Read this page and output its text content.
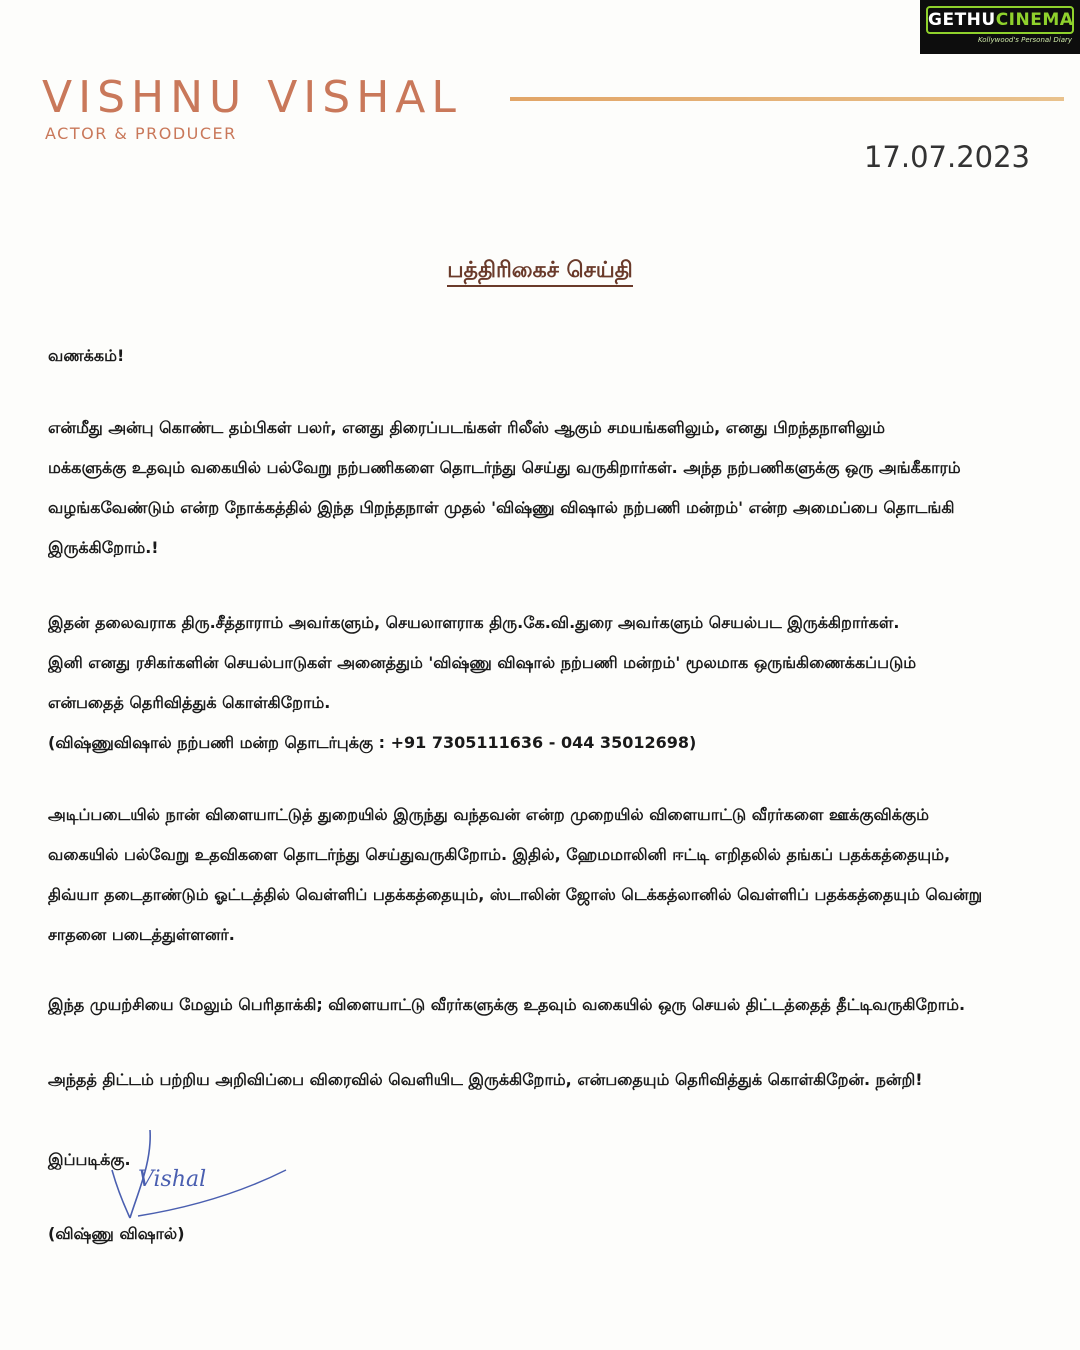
GETHUCINEMA
Kollywood's Personal Diary
VISHNU VISHAL
ACTOR & PRODUCER
17.07.2023
பத்திரிகைச் செய்தி
வணக்கம்!
என்மீது அன்பு கொண்ட தம்பிகள் பலர், எனது திரைப்படங்கள் ரிலீஸ் ஆகும் சமயங்களிலும், எனது பிறந்தநாளிலும்
மக்களுக்கு உதவும் வகையில் பல்வேறு நற்பணிகளை தொடர்ந்து செய்து வருகிறார்கள். அந்த நற்பணிகளுக்கு ஒரு அங்கீகாரம்
வழங்கவேண்டும் என்ற நோக்கத்தில் இந்த பிறந்தநாள் முதல் 'விஷ்ணு விஷால் நற்பணி மன்றம்' என்ற அமைப்பை தொடங்கி
இருக்கிறோம்.!
இதன் தலைவராக திரு.சீத்தாராம் அவர்களும், செயலாளராக திரு.கே.வி.துரை அவர்களும் செயல்பட இருக்கிறார்கள்.
இனி எனது ரசிகர்களின் செயல்பாடுகள் அனைத்தும் 'விஷ்ணு விஷால் நற்பணி மன்றம்' மூலமாக ஒருங்கிணைக்கப்படும்
என்பதைத் தெரிவித்துக் கொள்கிறோம்.
(விஷ்ணுவிஷால் நற்பணி மன்ற தொடர்புக்கு : +91 7305111636 - 044 35012698)
அடிப்படையில் நான் விளையாட்டுத் துறையில் இருந்து வந்தவன் என்ற முறையில் விளையாட்டு வீரர்களை ஊக்குவிக்கும்
வகையில் பல்வேறு உதவிகளை தொடர்ந்து செய்துவருகிறோம். இதில், ஹேமமாலினி ஈட்டி எறிதலில் தங்கப் பதக்கத்தையும்,
திவ்யா தடைதாண்டும் ஓட்டத்தில் வெள்ளிப் பதக்கத்தையும், ஸ்டாலின் ஜோஸ் டெக்கத்லானில் வெள்ளிப் பதக்கத்தையும் வென்று
சாதனை படைத்துள்ளனர்.
இந்த முயற்சியை மேலும் பெரிதாக்கி; விளையாட்டு வீரர்களுக்கு உதவும் வகையில் ஒரு செயல் திட்டத்தைத் தீட்டிவருகிறோம்.
அந்தத் திட்டம் பற்றிய அறிவிப்பை விரைவில் வெளியிட இருக்கிறோம், என்பதையும் தெரிவித்துக் கொள்கிறேன். நன்றி!
இப்படிக்கு.
Vishal
(விஷ்ணு விஷால்)
